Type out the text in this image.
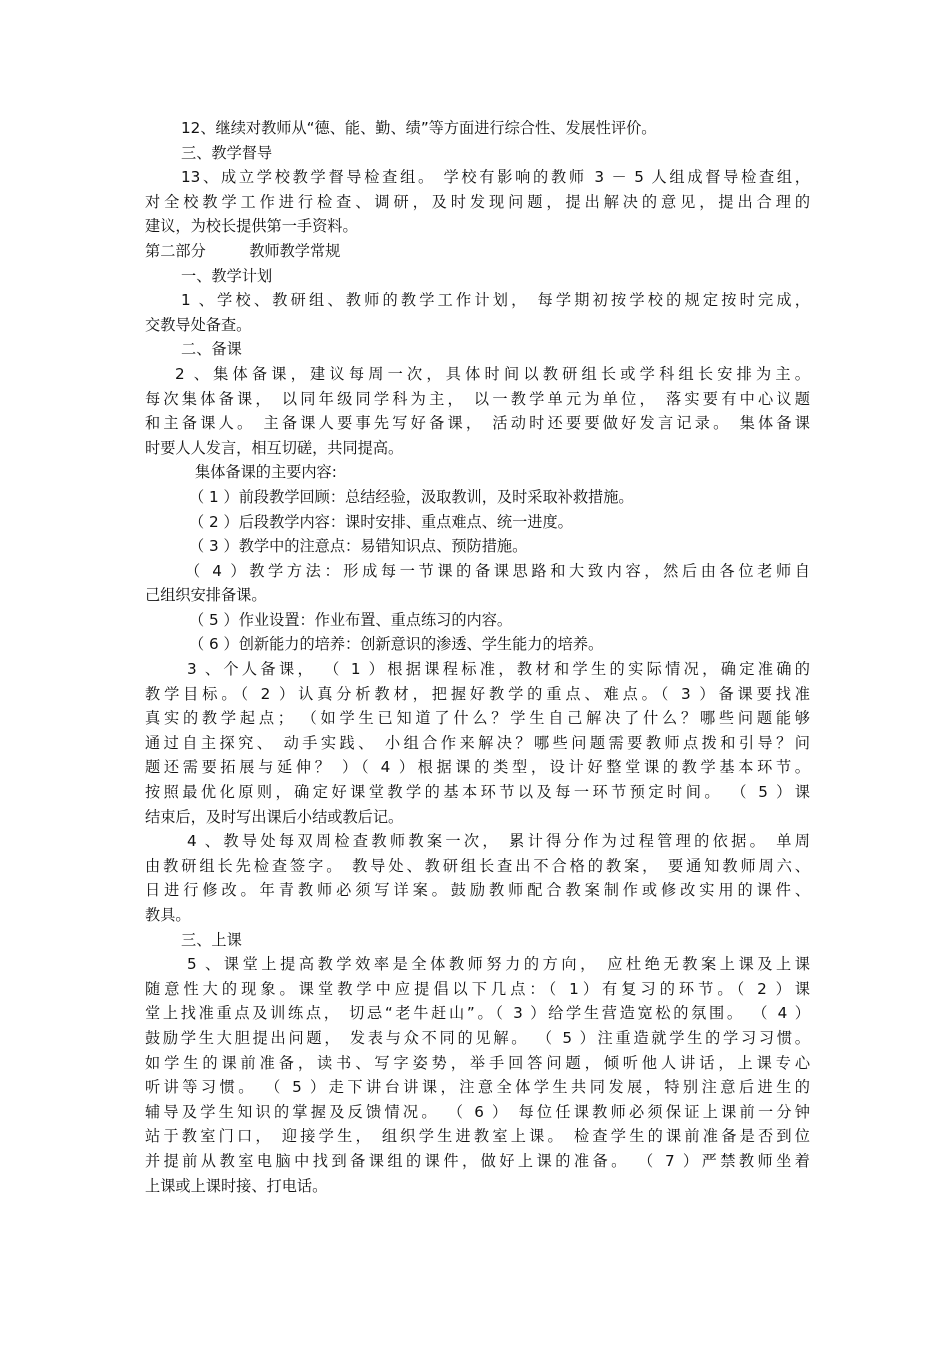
12、继续对教师从“德、能、勤、绩”等方面进行综合性、发展性评价。
三、教学督导
13、成立学校教学督导检查组。 学校有影响的教师 3 － 5 人组成督导检查组，
对全校教学工作进行检查、调研，及时发现问题，提出解决的意见，提出合理的
建议，为校长提供第一手资料。
第二部分         教师教学常规
一、教学计划
1 、学校、教研组、教师的教学工作计划， 每学期初按学校的规定按时完成，
交教导处备查。
二、备课
2 、集体备课，建议每周一次，具体时间以教研组长或学科组长安排为主。
每次集体备课， 以同年级同学科为主， 以一教学单元为单位， 落实要有中心议题
和主备课人。 主备课人要事先写好备课， 活动时还要要做好发言记录。 集体备课
时要人人发言，相互切磋，共同提高。
集体备课的主要内容:
（ 1 ）前段教学回顾：总结经验，汲取教训，及时采取补救措施。
（ 2 ）后段教学内容：课时安排、重点难点、统一进度。
（ 3 ）教学中的注意点：易错知识点、预防措施。
（ 4 ）教学方法：形成每一节课的备课思路和大致内容，然后由各位老师自
己组织安排备课。
（ 5 ）作业设置：作业布置、重点练习的内容。
（ 6 ）创新能力的培养：创新意识的渗透、学生能力的培养。
3 、个人备课， （ 1 ）根据课程标准，教材和学生的实际情况，确定准确的
教学目标。（ 2 ）认真分析教材，把握好教学的重点、难点。（ 3 ）备课要找准
真实的教学起点； （如学生已知道了什么？学生自己解决了什么？哪些问题能够
通过自主探究、 动手实践、 小组合作来解决？哪些问题需要教师点拨和引导？问
题还需要拓展与延伸？ ）（ 4 ）根据课的类型，设计好整堂课的教学基本环节。
按照最优化原则，确定好课堂教学的基本环节以及每一环节预定时间。 （ 5 ）课
结束后，及时写出课后小结或教后记。
4 、教导处每双周检查教师教案一次， 累计得分作为过程管理的依据。 单周
由教研组长先检查签字。 教导处、教研组长查出不合格的教案， 要通知教师周六、
日进行修改。年青教师必须写详案。鼓励教师配合教案制作或修改实用的课件、
教具。
三、上课
5 、课堂上提高教学效率是全体教师努力的方向， 应杜绝无教案上课及上课
随意性大的现象。课堂教学中应提倡以下几点：（ 1）有复习的环节。（ 2 ）课
堂上找准重点及训练点， 切忌“老牛赶山”。（ 3 ）给学生营造宽松的氛围。 （ 4 ）
鼓励学生大胆提出问题， 发表与众不同的见解。 （ 5 ）注重造就学生的学习习惯。
如学生的课前准备，读书、写字姿势，举手回答问题，倾听他人讲话，上课专心
听讲等习惯。 （ 5 ）走下讲台讲课，注意全体学生共同发展，特别注意后进生的
辅导及学生知识的掌握及反馈情况。 （ 6 ） 每位任课教师必须保证上课前一分钟
站于教室门口， 迎接学生， 组织学生进教室上课。 检查学生的课前准备是否到位
并提前从教室电脑中找到备课组的课件，做好上课的准备。 （ 7 ）严禁教师坐着
上课或上课时接、打电话。
